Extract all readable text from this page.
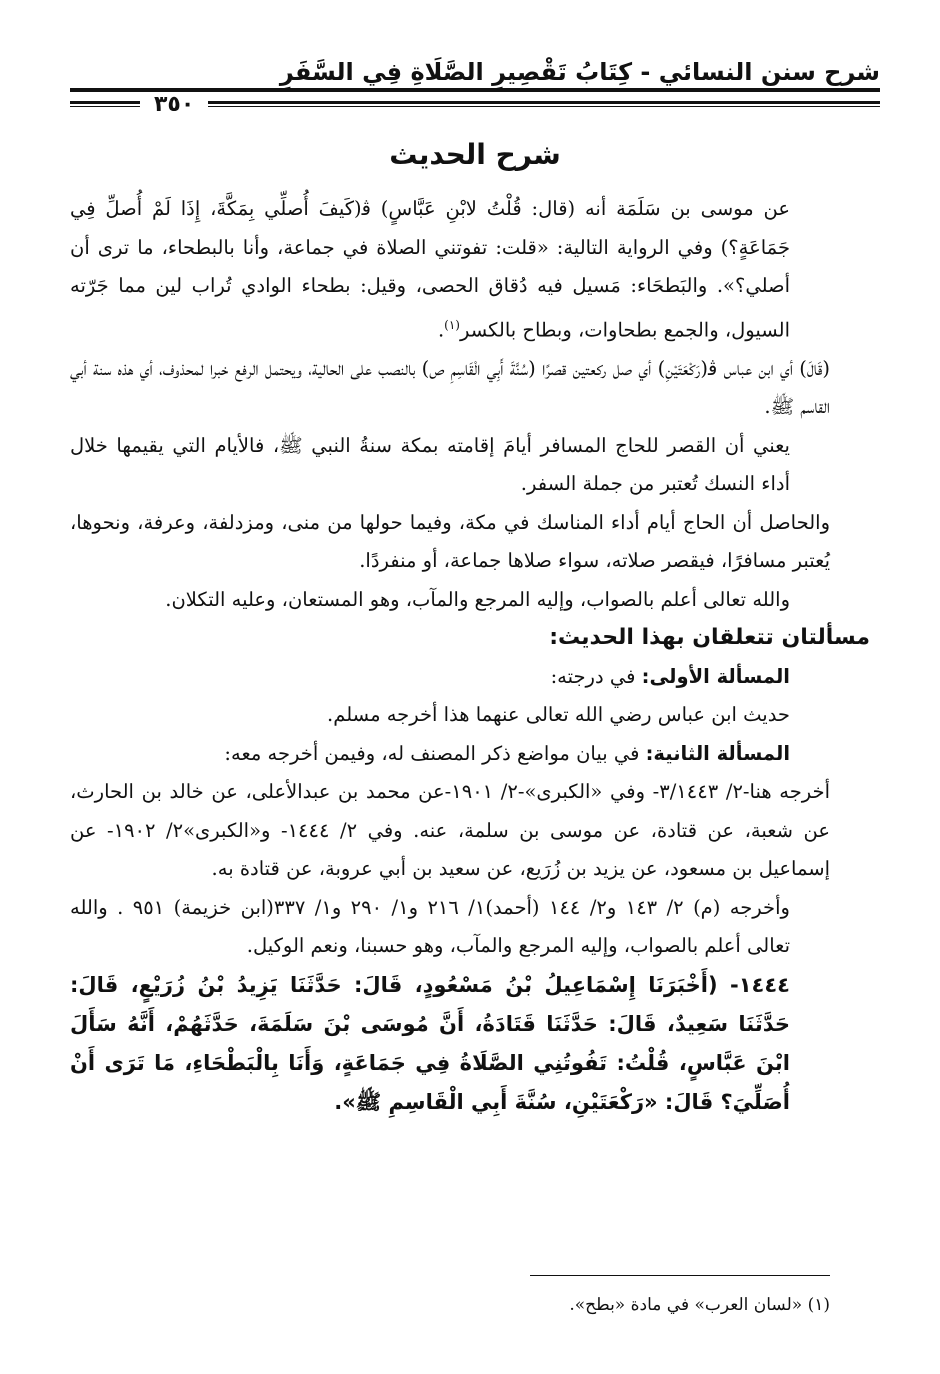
شرح سنن النسائي - كِتَابُ تَقْصِيرِ الصَّلَاةِ فِي السَّفَرِ
٣٥٠
شرح الحديث

عن موسى بن سَلَمَة أنه (قال: قُلْتُ لابْنِ عَبَّاسٍ) ﭬ(كَيفَ أُصلِّي بِمَكَّةَ، إِذَا لَمْ أُصلِّ فِي جَمَاعَةٍ؟) وفي الرواية التالية: «قلت: تفوتني الصلاة في جماعة، وأنا بالبطحاء، ما ترى أن أصلي؟». والبَطحَاء: مَسيل فيه دُقاق الحصى، وقيل: بطحاء الوادي تُراب لين مما جَرّته السيول، والجمع بطحاوات، وبطاح بالكسر$^{(١)}$.

(قَالَ) أي ابن عباس ﭬ(رَكْعَتَيْنِ) أي صل ركعتين قصرًا (سُنَّةَ أَبِي الْقَاسِمِ ص) بالنصب على الحالية، ويحتمل الرفع خبرا لمحذوف، أي هذه سنة أبي القاسم ﷺ.

يعني أن القصر للحاج المسافر أيامَ إقامته بمكة سنةُ النبي ﷺ، فالأيام التي يقيمها خلال أداء النسك تُعتبر من جملة السفر.

والحاصل أن الحاج أيام أداء المناسك في مكة، وفيما حولها من منى، ومزدلفة، وعرفة، ونحوها، يُعتبر مسافرًا، فيقصر صلاته، سواء صلاها جماعة، أو منفردًا.

والله تعالى أعلم بالصواب، وإليه المرجع والمآب، وهو المستعان، وعليه التكلان.

مسألتان تتعلقان بهذا الحديث:

المسألة الأولى: في درجته:

حديث ابن عباس رضي الله تعالى عنهما هذا أخرجه مسلم.

المسألة الثانية: في بيان مواضع ذكر المصنف له، وفيمن أخرجه معه:

أخرجه هنا-٢/ ٣/١٤٤٣- وفي «الكبرى»-٢/ ١٩٠١-عن محمد بن عبدالأعلى، عن خالد بن الحارث، عن شعبة، عن قتادة، عن موسى بن سلمة، عنه. وفي ٢/ ١٤٤٤- و«الكبرى»٢/ ١٩٠٢- عن إسماعيل بن مسعود، عن يزيد بن زُرَيع، عن سعيد بن أبي عروبة، عن قتادة به.

وأخرجه (م) ٢/ ١٤٣ و٢/ ١٤٤ (أحمد)١/ ٢١٦ و١/ ٢٩٠ و١/ ٣٣٧(ابن خزيمة) ٩٥١ . والله تعالى أعلم بالصواب، وإليه المرجع والمآب، وهو حسبنا، ونعم الوكيل.

١٤٤٤- (أَخْبَرَنَا إِسْمَاعِيلُ بْنُ مَسْعُودٍ، قَالَ: حَدَّثَنَا يَزِيدُ بْنُ زُرَيْعٍ، قَالَ: حَدَّثَنَا سَعِيدٌ، قَالَ: حَدَّثَنَا قَتَادَةُ، أَنَّ مُوسَى بْنَ سَلَمَةَ، حَدَّثَهُمْ، أَنَّهُ سَأَلَ ابْنَ عَبَّاسٍ، قُلْتُ: تَفُوتُنِي الصَّلَاةُ فِي جَمَاعَةٍ، وَأَنَا بِالْبَطْحَاءِ، مَا تَرَى أَنْ أُصَلِّيَ؟ قَالَ: «رَكْعَتَيْنِ، سُنَّةَ أَبِي الْقَاسِمِ ﷺ».

(١) «لسان العرب» في مادة «بطح».
